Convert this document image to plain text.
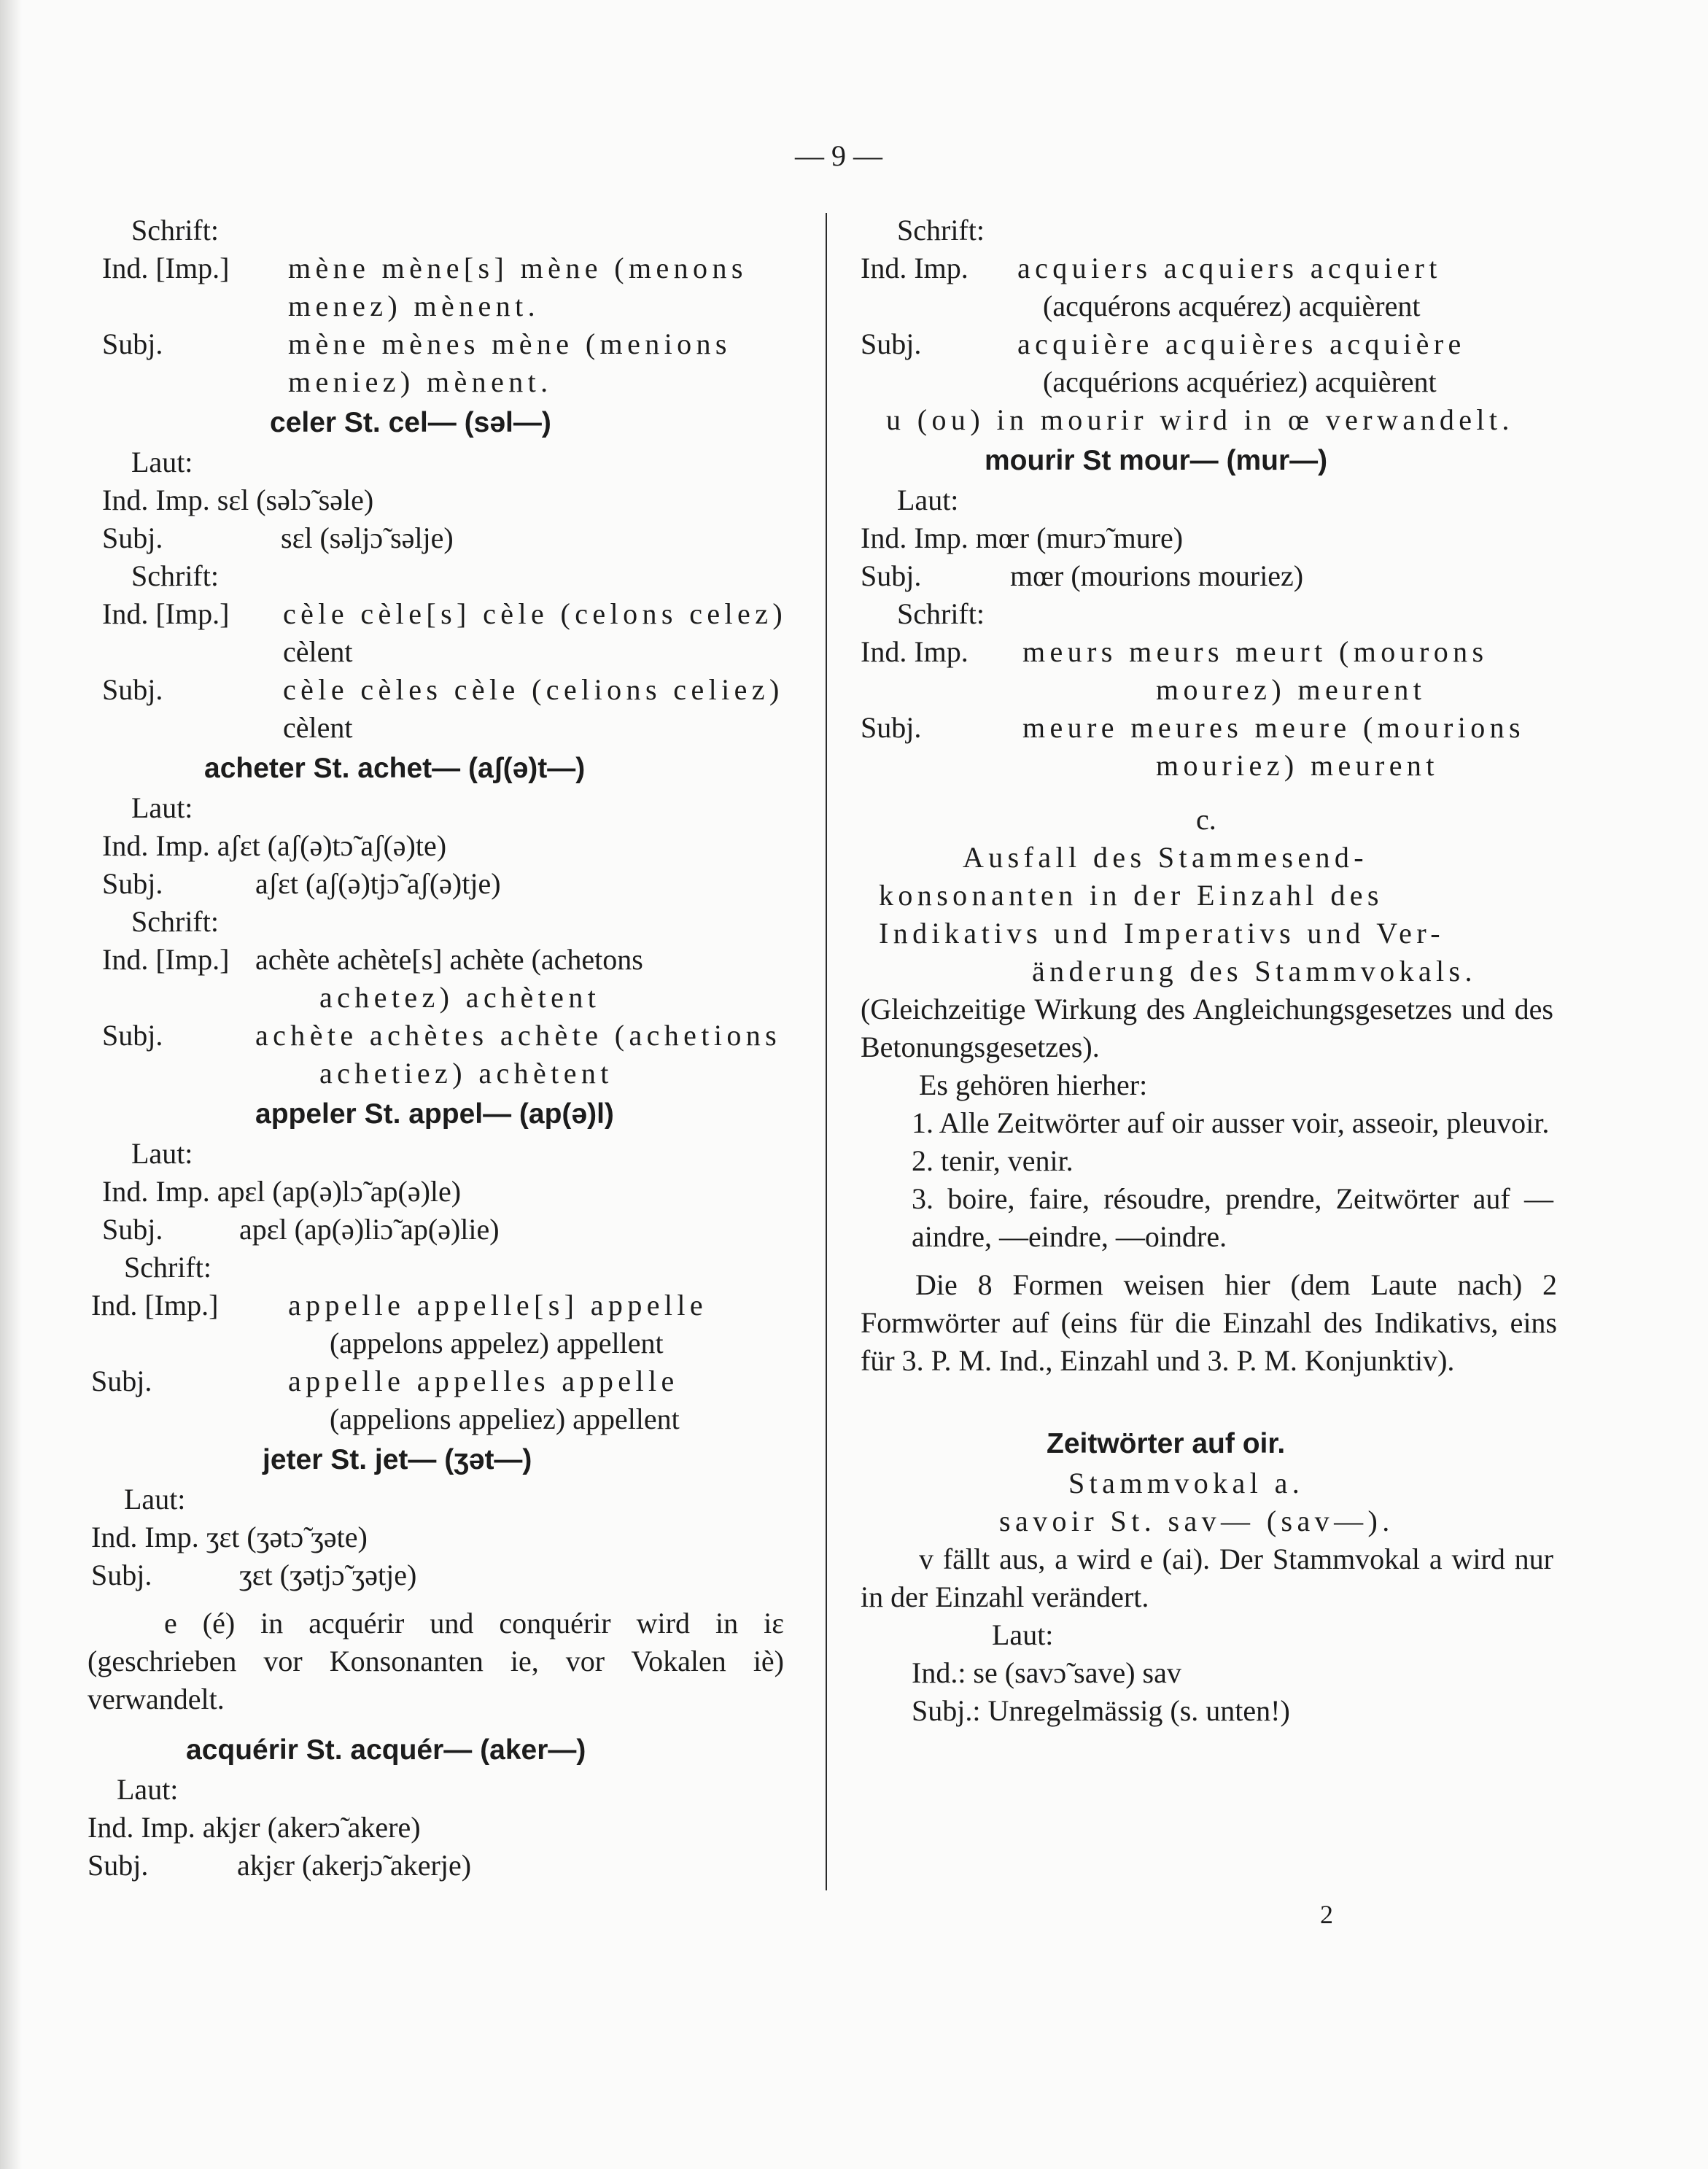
— 9 —
Schrift:
Ind. [Imp.] mène mène[s] mène (menons
menez) mènent.
Subj.	mène mènes mène (menions
meniez) mènent.
celer St. cel— (səl—)
Laut:
Ind. Imp. sɛl (səlɔ̃ səle)
Subj.	sɛl (səljɔ̃ səlje)
Schrift:
Ind. [Imp.] cèle cèle[s] cèle (celons celez)
cèlent
Subj.	cèle cèles cèle (celions celiez)
cèlent
acheter St. achet— (aʃ(ə)t—)
Laut:
Ind. Imp. aʃɛt (aʃ(ə)tɔ̃ aʃ(ə)te)
Subj.	aʃɛt (aʃ(ə)tjɔ̃ aʃ(ə)tje)
Schrift:
Ind. [Imp.] achète achète[s] achète (achetons
achetez) achètent
Subj.	achète achètes achète (achetions
achetiez) achètent
appeler St. appel— (ap(ə)l)
Laut:
Ind. Imp. apɛl (ap(ə)lɔ̃ ap(ə)le)
Subj.	apɛl (ap(ə)liɔ̃ ap(ə)lie)
Schrift:
Ind. [Imp.] appelle appelle[s] appelle
(appelons appelez) appellent
Subj.	appelle appelles appelle
(appelions appeliez) appellent
jeter St. jet— (ʒət—)
Laut:
Ind. Imp. ʒɛt (ʒətɔ̃ ʒəte)
Subj.	ʒɛt (ʒətjɔ̃ ʒətje)
e (é) in acquérir und conquérir wird in iɛ (geschrieben vor Konsonanten ie, vor Vokalen iè) verwandelt.
acquérir St. acquér— (aker—)
Laut:
Ind. Imp. akjɛr (akerɔ̃ akere)
Subj.	akjɛr (akerjɔ̃ akerje)
Schrift:
Ind. Imp. acquiers acquiers acquiert
(acquérons acquérez) acquièrent
Subj.	acquière acquières acquière
(acquérions acquériez) acquièrent
u (ou) in mourir wird in œ verwandelt.
mourir St mour— (mur—)
Laut:
Ind. Imp. mœr (murɔ̃ mure)
Subj.	mœr (mourions mouriez)
Schrift:
Ind. Imp. meurs meurs meurt (mourons
mourez) meurent
Subj.	meure meures meure (mourions
mouriez) meurent
c.
Ausfall des Stammesend-
konsonanten in der Einzahl des
Indikativs und Imperativs und Ver-
änderung des Stammvokals.
(Gleichzeitige Wirkung des Angleichungsgesetzes und des Betonungsgesetzes).
Es gehören hierher:
1. Alle Zeitwörter auf oir ausser voir, asseoir, pleuvoir.
2. tenir, venir.
3. boire, faire, résoudre, prendre, Zeitwörter auf —aindre, —eindre, —oindre.
Die 8 Formen weisen hier (dem Laute nach) 2 Formwörter auf (eins für die Einzahl des Indikativs, eins für 3. P. M. Ind., Einzahl und 3. P. M. Konjunktiv).
Zeitwörter auf oir.
Stammvokal a.
savoir St. sav— (sav—).
v fällt aus, a wird e (ai). Der Stammvokal a wird nur in der Einzahl verändert.
Laut:
Ind.: se (savɔ̃ save) sav
Subj.: Unregelmässig (s. unten!)
2
